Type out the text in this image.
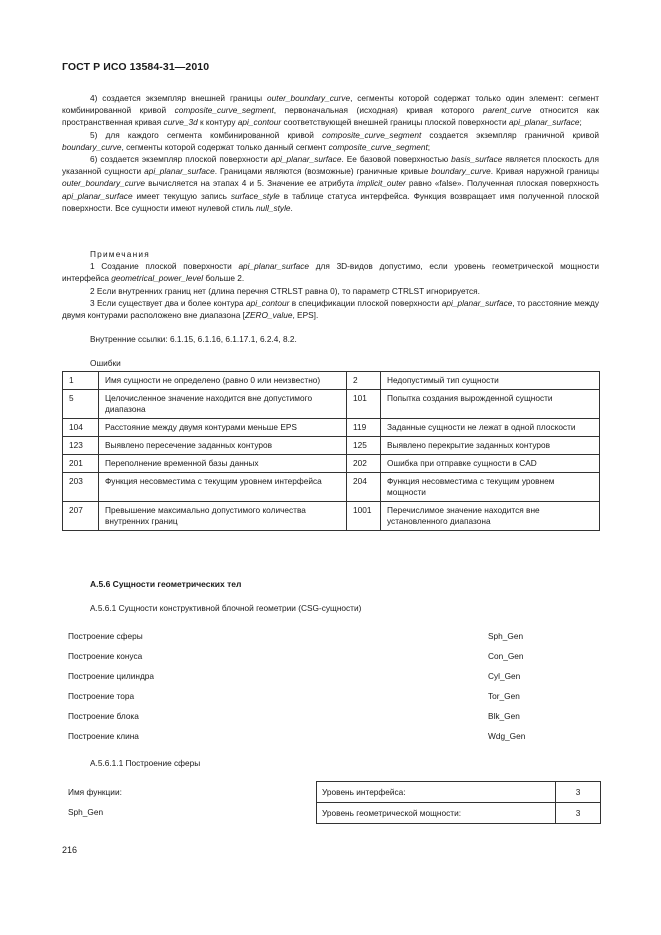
ГОСТ Р ИСО 13584-31—2010

4) создается экземпляр внешней границы outer_boundary_curve, сегменты которой содержат только один элемент: сегмент комбинированной кривой composite_curve_segment, первоначальная (исходная) кривая которого parent_curve относится как пространственная кривая curve_3d к контуру api_contour соответствующей внешней границы плоской поверхности api_planar_surface;

5) для каждого сегмента комбинированной кривой composite_curve_segment создается экземпляр граничной кривой boundary_curve, сегменты которой содержат только данный сегмент composite_curve_segment;

6) создается экземпляр плоской поверхности api_planar_surface. Ее базовой поверхностью basis_surface является плоскость для указанной сущности api_planar_surface. Границами являются (возможные) граничные кривые boundary_curve. Кривая наружной границы outer_boundary_curve вычисляется на этапах 4 и 5. Значение ее атрибута implicit_outer равно «false». Полученная плоская поверхность api_planar_surface имеет текущую запись surface_style в таблице статуса интерфейса. Функция возвращает имя полученной плоской поверхности. Все сущности имеют нулевой стиль null_style.

Примечания

1 Создание плоской поверхности api_planar_surface для 3D-видов допустимо, если уровень геометрической мощности интерфейса geometrical_power_level больше 2.

2 Если внутренних границ нет (длина перечня CTRLST равна 0), то параметр CTRLST игнорируется.

3 Если существует два и более контура api_contour в спецификации плоской поверхности api_planar_surface, то расстояние между двумя контурами расположено вне диапазона [ZERO_value, EPS].

Внутренние ссылки: 6.1.15, 6.1.16, 6.1.17.1, 6.2.4, 8.2.
Ошибки
1	Имя сущности не определено (равно 0 или неизвестно)	2	Недопустимый тип сущности
5	Целочисленное значение находится вне допустимого диапазона	101	Попытка создания вырожденной сущности
104	Расстояние между двумя контурами меньше EPS	119	Заданные сущности не лежат в одной плоскости
123	Выявлено пересечение заданных контуров	125	Выявлено перекрытие заданных контуров
201	Переполнение временной базы данных	202	Ошибка при отправке сущности в CAD
203	Функция несовместима с текущим уровнем интерфейса	204	Функция несовместима с текущим уровнем мощности
207	Превышение максимально допустимого количества внутренних границ	1001	Перечислимое значение находится вне установленного диапазона
А.5.6 Сущности геометрических тел
А.5.6.1 Сущности конструктивной блочной геометрии (CSG-сущности)
Построение сферы	Sph_Gen
Построение конуса	Con_Gen
Построение цилиндра	Cyl_Gen
Построение тора	Tor_Gen
Построение блока	Blk_Gen
Построение клина	Wdg_Gen
А.5.6.1.1 Построение сферы
Имя функции:
Sph_Gen
Уровень интерфейса:	3
Уровень геометрической мощности:	3
216
